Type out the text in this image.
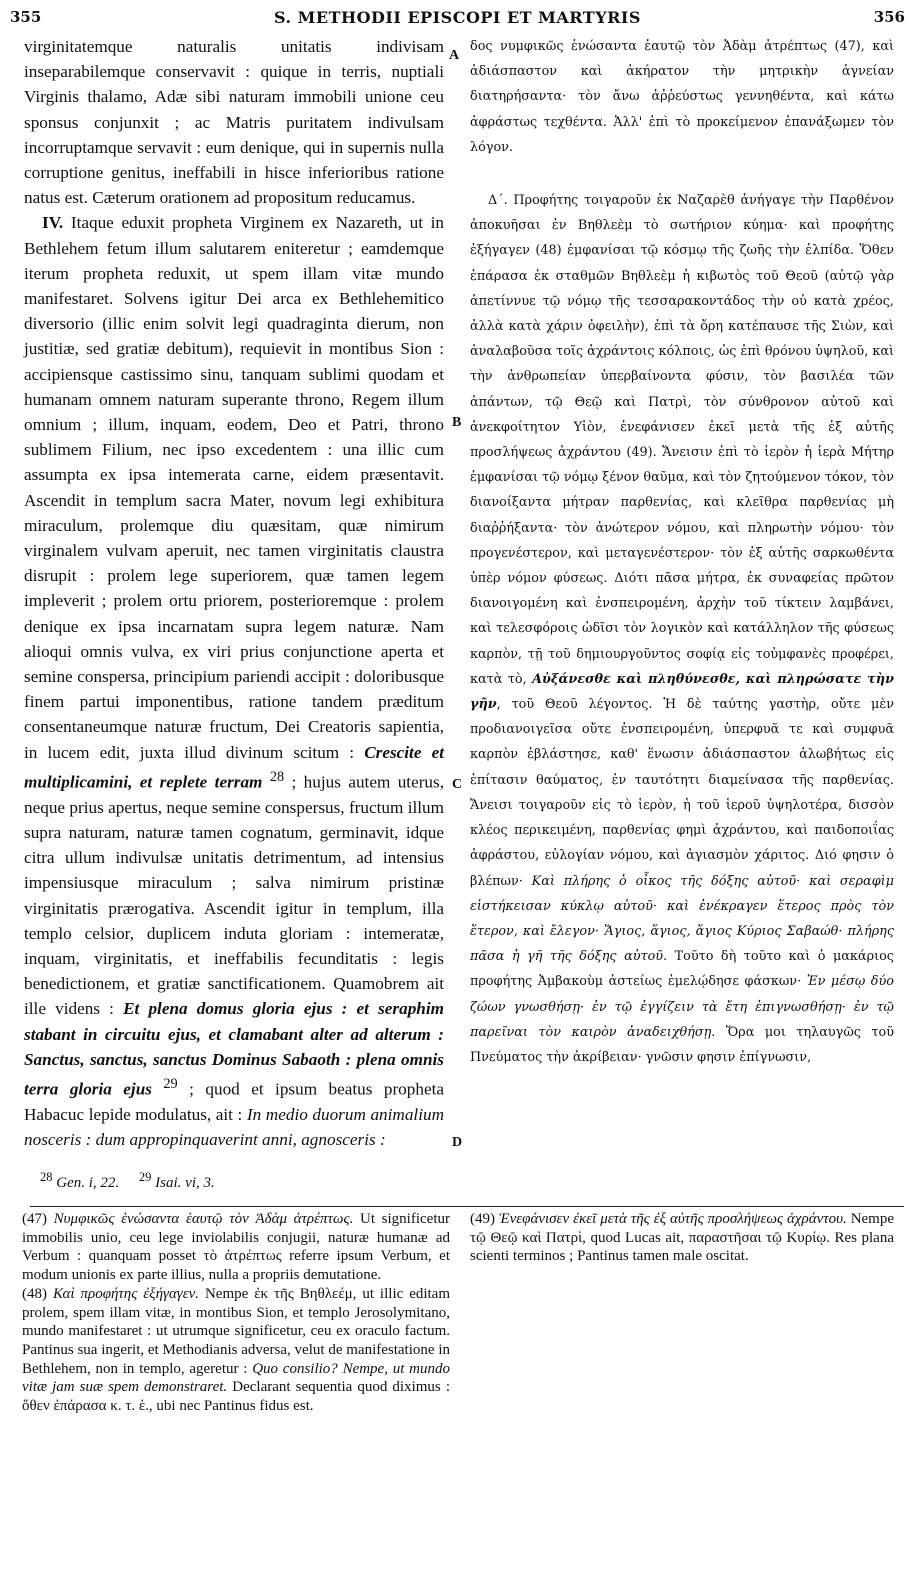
355	S. METHODII EPISCOPI ET MARTYRIS	356

virginitatemque naturalis unitatis indivisam inseparabilemque conservavit : quique in terris, nuptiali Virginis thalamo, Adæ sibi naturam immobili unione ceu sponsus conjunxit ; ac Matris puritatem indivulsam incorruptamque servavit : eum denique, qui in supernis nulla corruptione genitus, ineffabili in hisce inferioribus ratione natus est. Cæterum orationem ad propositum reducamus.

IV. Itaque eduxit propheta Virginem ex Nazareth, ut in Bethlehem fetum illum salutarem eniteretur ; eamdemque iterum propheta reduxit, ut spem illam vitæ mundo manifestaret. Solvens igitur Dei arca ex Bethlehemitico diversorio (illic enim solvit legi quadraginta dierum, non justitiæ, sed gratiæ debitum), requievit in montibus Sion : accipiensque castissimo sinu, tanquam sublimi quodam et humanam omnem naturam superante throno, Regem illum omnium ; illum, inquam, eodem, Deo et Patri, throno sublimem Filium, nec ipso excedentem : una illic cum assumpta ex ipsa intemerata carne, eidem præsentavit. Ascendit in templum sacra Mater, novum legi exhibitura miraculum, prolemque diu quæsitam, quæ nimirum virginalem vulvam aperuit, nec tamen virginitatis claustra disrupit : prolem lege superiorem, quæ tamen legem impleverit ; prolem ortu priorem, posterioremque : prolem denique ex ipsa incarnatam supra legem naturæ. Nam alioqui omnis vulva, ex viri prius conjunctione aperta et semine conspersa, principium pariendi accipit : doloribusque finem partui imponentibus, ratione tandem præditum consentaneumque naturæ fructum, Dei Creatoris sapientia, in lucem edit, juxta illud divinum scitum : Crescite et multiplicamini, et replete terram $^{28}$ ; hujus autem uterus, neque prius apertus, neque semine conspersus, fructum illum supra naturam, naturæ tamen cognatum, germinavit, idque citra ullum indivulsæ unitatis detrimentum, ad intensius impensiusque miraculum ; salva nimirum pristinæ virginitatis prærogativa. Ascendit igitur in templum, illa templo celsior, duplicem induta gloriam : intemeratæ, inquam, virginitatis, et ineffabilis fecunditatis : legis benedictionem, et gratiæ sanctificationem. Quamobrem ait ille videns : Et plena domus gloria ejus : et seraphim stabant in circuitu ejus, et clamabant alter ad alterum : Sanctus, sanctus, sanctus Dominus Sabaoth : plena omnis terra gloria ejus $^{29}$ ; quod et ipsum beatus propheta Habacuc lepide modulatus, ait : In medio duorum animalium nosceris : dum appropinquaverint anni, agnosceris :

A
B
C
D

δος νυμφικῶς ἑνώσαντα ἑαυτῷ τὸν Ἀδὰμ ἀτρέπτως (47), καὶ ἀδιάσπαστον καὶ ἀκήρατον τὴν μητρικὴν ἁγνείαν διατηρήσαντα· τὸν ἄνω ἀῤῥεύστως γεννηθέντα, καὶ κάτω ἀφράστως τεχθέντα. Ἀλλ' ἐπὶ τὸ προκείμενον ἐπανάξωμεν τὸν λόγον.

Δ΄. Προφήτης τοιγαροῦν ἐκ Ναζαρὲθ ἀνήγαγε τὴν Παρθένον ἀποκυῆσαι ἐν Βηθλεὲμ τὸ σωτήριον κύημα· καὶ προφήτης ἐξήγαγεν (48) ἐμφανίσαι τῷ κόσμῳ τῆς ζωῆς τὴν ἐλπίδα. Ὅθεν ἐπάρασα ἐκ σταθμῶν Βηθλεὲμ ἡ κιβωτὸς τοῦ Θεοῦ (αὐτῷ γὰρ ἀπετίννυε τῷ νόμῳ τῆς τεσσαρακοντάδος τὴν οὐ κατὰ χρέος, ἀλλὰ κατὰ χάριν ὀφειλὴν), ἐπὶ τὰ ὄρη κατέπαυσε τῆς Σιὼν, καὶ ἀναλαβοῦσα τοῖς ἀχράντοις κόλποις, ὡς ἐπὶ θρόνου ὑψηλοῦ, καὶ τὴν ἀνθρωπείαν ὑπερβαίνοντα φύσιν, τὸν βασιλέα τῶν ἁπάντων, τῷ Θεῷ καὶ Πατρὶ, τὸν σύνθρονον αὐτοῦ καὶ ἀνεκφοίτητον Υἱὸν, ἐνεφάνισεν ἐκεῖ μετὰ τῆς ἐξ αὐτῆς προσλήψεως ἀχράντου (49). Ἄνεισιν ἐπὶ τὸ ἱερὸν ἡ ἱερὰ Μήτηρ ἐμφανίσαι τῷ νόμῳ ξένον θαῦμα, καὶ τὸν ζητούμενον τόκον, τὸν διανοίξαντα μήτραν παρθενίας, καὶ κλεῖθρα παρθενίας μὴ διαῤῥήξαντα· τὸν ἀνώτερον νόμου, καὶ πληρωτὴν νόμου· τὸν προγενέστερον, καὶ μεταγενέστερον· τὸν ἐξ αὐτῆς σαρκωθέντα ὑπὲρ νόμον φύσεως. Διότι πᾶσα μήτρα, ἐκ συναφείας πρῶτον διανοιγομένη καὶ ἐνσπειρομένη, ἀρχὴν τοῦ τίκτειν λαμβάνει, καὶ τελεσφόροις ὠδῖσι τὸν λογικὸν καὶ κατάλληλον τῆς φύσεως καρπὸν, τῇ τοῦ δημιουργοῦντος σοφίᾳ εἰς τοὐμφανὲς προφέρει, κατὰ τὸ, Αὐξάνεσθε καὶ πληθύνεσθε, καὶ πληρώσατε τὴν γῆν, τοῦ Θεοῦ λέγοντος. Ἡ δὲ ταύτης γαστὴρ, οὔτε μὲν προδιανοιγεῖσα οὔτε ἐνσπειρομένη, ὑπερφυᾶ τε καὶ συμφυᾶ καρπὸν ἐβλάστησε, καθ' ἕνωσιν ἀδιάσπαστον ἀλωβήτως εἰς ἐπίτασιν θαύματος, ἐν ταυτότητι διαμείνασα τῆς παρθενίας. Ἄνεισι τοιγαροῦν εἰς τὸ ἱερὸν, ἡ τοῦ ἱεροῦ ὑψηλοτέρα, δισσὸν κλέος περικειμένη, παρθενίας φημὶ ἀχράντου, καὶ παιδοποιΐας ἀφράστου, εὐλογίαν νόμου, καὶ ἁγιασμὸν χάριτος. Διό φησιν ὁ βλέπων· Καὶ πλήρης ὁ οἶκος τῆς δόξης αὐτοῦ· καὶ σεραφὶμ εἱστήκεισαν κύκλῳ αὐτοῦ· καὶ ἐνέκραγεν ἕτερος πρὸς τὸν ἕτερον, καὶ ἔλεγον· Ἅγιος, ἅγιος, ἅγιος Κύριος Σαβαώθ· πλήρης πᾶσα ἡ γῆ τῆς δόξης αὐτοῦ. Τοῦτο δὴ τοῦτο καὶ ὁ μακάριος προφήτης Ἀμβακοὺμ ἀστείως ἐμελῴδησε φάσκων· Ἐν μέσῳ δύο ζώων γνωσθήσῃ· ἐν τῷ ἐγγίζειν τὰ ἔτη ἐπιγνωσθήσῃ· ἐν τῷ παρεῖναι τὸν καιρὸν ἀναδειχθήσῃ. Ὅρα μοι τηλαυγῶς τοῦ Πνεύματος τὴν ἀκρίβειαν· γνῶσιν φησιν ἐπίγνωσιν,

$^{28}$ Gen. i, 22. $^{29}$ Isai. vi, 3.

(47) Νυμφικῶς ἑνώσαντα ἑαυτῷ τὸν Ἀδὰμ ἀτρέπτως. Ut significetur immobilis unio, ceu lege inviolabilis conjugii, naturæ humanæ ad Verbum : quanquam posset τὸ ἀτρέπτως referre ipsum Verbum, et modum unionis ex parte illius, nulla a propriis demutatione.

(48) Καὶ προφήτης ἐξήγαγεν. Nempe ἐκ τῆς Βηθλεέμ, ut illic editam prolem, spem illam vitæ, in montibus Sion, et templo Jerosolymitano, mundo manifestaret : ut utrumque significetur, ceu ex oraculo factum. Pantinus sua ingerit, et Methodianis adversa, velut de manifestatione in Bethlehem, non in templo, ageretur : Quo consilio? Nempe, ut mundo vitæ jam suæ spem demonstraret. Declarant sequentia quod diximus : ὅθεν ἐπάρασα κ. τ. ἑ., ubi nec Pantinus fidus est.

(49) Ἐνεφάνισεν ἐκεῖ μετὰ τῆς ἐξ αὐτῆς προσλήψεως ἀχράντου. Nempe τῷ Θεῷ καὶ Πατρὶ, quod Lucas ait, παραστῆσαι τῷ Κυρίῳ. Res plana scienti terminos ; Pantinus tamen male oscitat.
